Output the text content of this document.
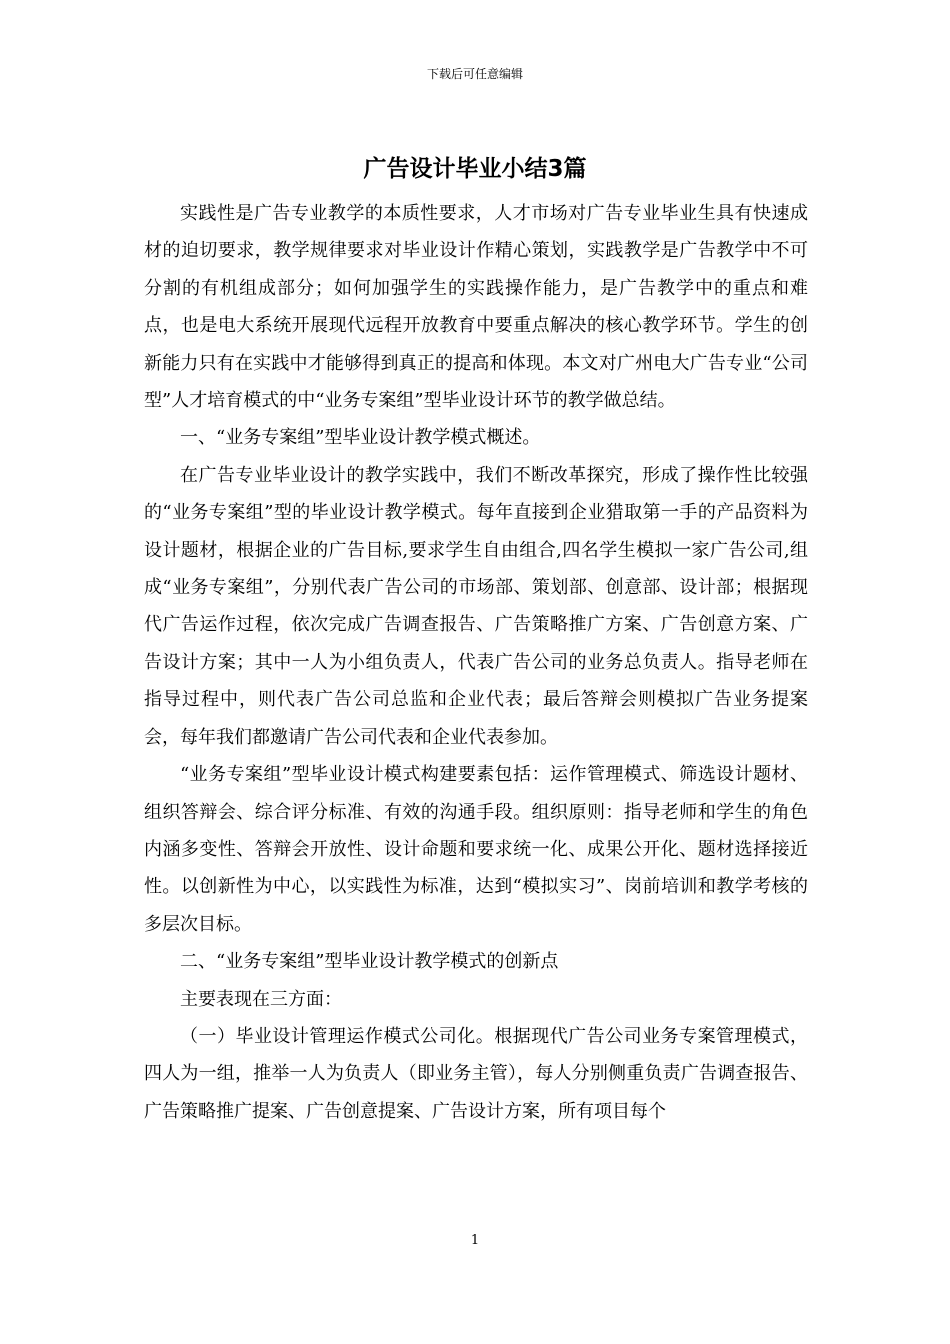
下载后可任意编辑
广告设计毕业小结3篇

实践性是广告专业教学的本质性要求，人才市场对广告专业毕业生具有快速成材的迫切要求，教学规律要求对毕业设计作精心策划，实践教学是广告教学中不可分割的有机组成部分；如何加强学生的实践操作能力，是广告教学中的重点和难点，也是电大系统开展现代远程开放教育中要重点解决的核心教学环节。学生的创新能力只有在实践中才能够得到真正的提高和体现。本文对广州电大广告专业“公司型”人才培育模式的中“业务专案组”型毕业设计环节的教学做总结。

一、“业务专案组”型毕业设计教学模式概述。

在广告专业毕业设计的教学实践中，我们不断改革探究，形成了操作性比较强的“业务专案组”型的毕业设计教学模式。每年直接到企业猎取第一手的产品资料为设计题材，根据企业的广告目标,要求学生自由组合,四名学生模拟一家广告公司,组成“业务专案组”，分别代表广告公司的市场部、策划部、创意部、设计部；根据现代广告运作过程，依次完成广告调查报告、广告策略推广方案、广告创意方案、广告设计方案；其中一人为小组负责人，代表广告公司的业务总负责人。指导老师在指导过程中，则代表广告公司总监和企业代表；最后答辩会则模拟广告业务提案会，每年我们都邀请广告公司代表和企业代表参加。

“业务专案组”型毕业设计模式构建要素包括：运作管理模式、筛选设计题材、组织答辩会、综合评分标准、有效的沟通手段。组织原则：指导老师和学生的角色内涵多变性、答辩会开放性、设计命题和要求统一化、成果公开化、题材选择接近性。以创新性为中心，以实践性为标准，达到“模拟实习”、岗前培训和教学考核的多层次目标。

二、“业务专案组”型毕业设计教学模式的创新点

主要表现在三方面：

（一）毕业设计管理运作模式公司化。根据现代广告公司业务专案管理模式，四人为一组，推举一人为负责人（即业务主管），每人分别侧重负责广告调查报告、广告策略推广提案、广告创意提案、广告设计方案，所有项目每个

1
